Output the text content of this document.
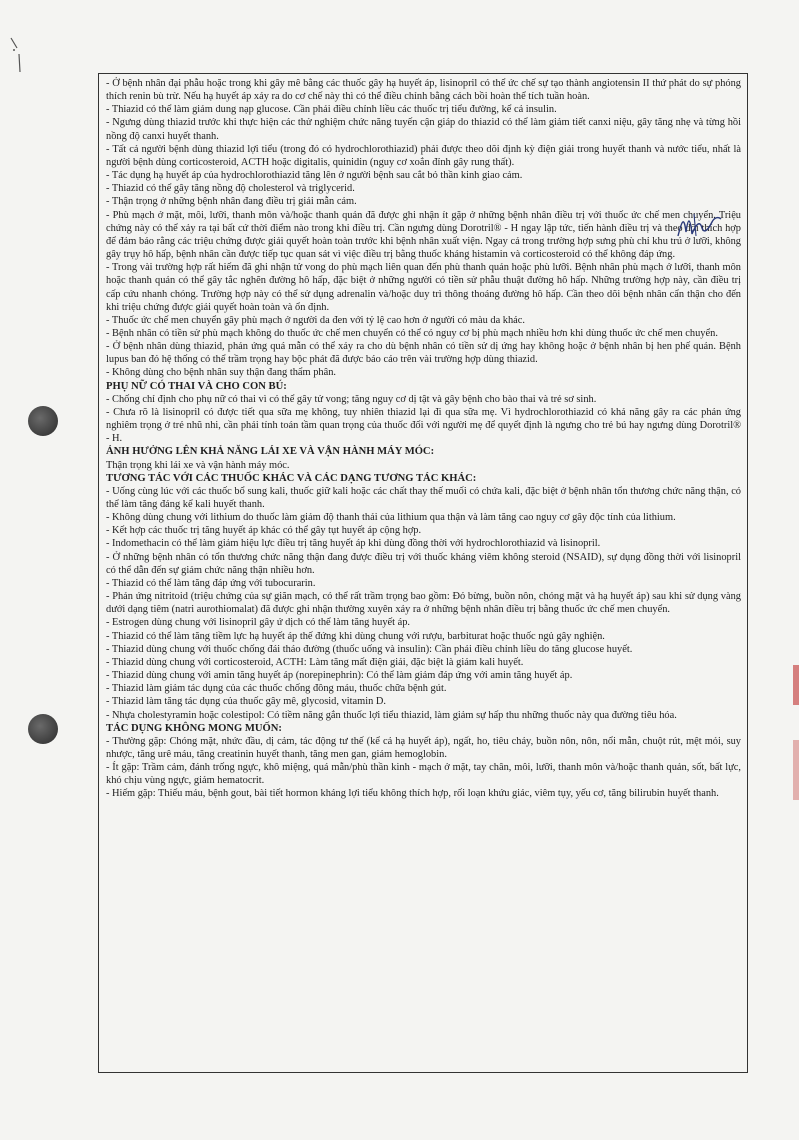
- Ở bệnh nhân đại phẫu hoặc trong khi gây mê bằng các thuốc gây hạ huyết áp, lisinopril có thể ức chế sự tạo thành angiotensin II thứ phát do sự phóng thích renin bù trừ. Nếu hạ huyết áp xảy ra do cơ chế này thì có thể điều chỉnh bằng cách bồi hoàn thể tích tuần hoàn.

- Thiazid có thể làm giảm dung nạp glucose. Cần phải điều chỉnh liều các thuốc trị tiểu đường, kể cả insulin.

- Ngưng dùng thiazid trước khi thực hiện các thử nghiệm chức năng tuyến cận giáp do thiazid có thể làm giảm tiết canxi niệu, gây tăng nhẹ và từng hồi nồng độ canxi huyết thanh.

- Tất cả người bệnh dùng thiazid lợi tiểu (trong đó có hydrochlorothiazid) phải được theo dõi định kỳ điện giải trong huyết thanh và nước tiểu, nhất là người bệnh dùng corticosteroid, ACTH hoặc digitalis, quinidin (nguy cơ xoắn đỉnh gây rung thất).

- Tác dụng hạ huyết áp của hydrochlorothiazid tăng lên ở người bệnh sau cắt bỏ thần kinh giao cảm.

- Thiazid có thể gây tăng nồng độ cholesterol và triglycerid.

- Thận trọng ở những bệnh nhân đang điều trị giải mẫn cảm.

- Phù mạch ở mặt, môi, lưỡi, thanh môn và/hoặc thanh quản đã được ghi nhận ít gặp ở những bệnh nhân điều trị với thuốc ức chế men chuyển. Triệu chứng này có thể xảy ra tại bất cứ thời điểm nào trong khi điều trị. Cần ngưng dùng Dorotril® - H ngay lập tức, tiến hành điều trị và theo dõi thích hợp để đảm bảo rằng các triệu chứng được giải quyết hoàn toàn trước khi bệnh nhân xuất viện. Ngay cả trong trường hợp sưng phù chỉ khu trú ở lưỡi, không gây trụy hô hấp, bệnh nhân cần được tiếp tục quan sát vì việc điều trị bằng thuốc kháng histamin và corticosteroid có thể không đáp ứng.

- Trong vài trường hợp rất hiếm đã ghi nhận tử vong do phù mạch liên quan đến phù thanh quản hoặc phù lưỡi. Bệnh nhân phù mạch ở lưỡi, thanh môn hoặc thanh quản có thể gây tắc nghẽn đường hô hấp, đặc biệt ở những người có tiền sử phẫu thuật đường hô hấp. Những trường hợp này, cần điều trị cấp cứu nhanh chóng. Trường hợp này có thể sử dụng adrenalin và/hoặc duy trì thông thoáng đường hô hấp. Cần theo dõi bệnh nhân cẩn thận cho đến khi triệu chứng được giải quyết hoàn toàn và ổn định.

- Thuốc ức chế men chuyển gây phù mạch ở người da đen với tỷ lệ cao hơn ở người có màu da khác.

- Bệnh nhân có tiền sử phù mạch không do thuốc ức chế men chuyển có thể có nguy cơ bị phù mạch nhiều hơn khi dùng thuốc ức chế men chuyển.

- Ở bệnh nhân dùng thiazid, phản ứng quá mẫn có thể xảy ra cho dù bệnh nhân có tiền sử dị ứng hay không hoặc ở bệnh nhân bị hen phế quản. Bệnh lupus ban đỏ hệ thống có thể trầm trọng hay bộc phát đã được báo cáo trên vài trường hợp dùng thiazid.

- Không dùng cho bệnh nhân suy thận đang thẩm phân.

PHỤ NỮ CÓ THAI VÀ CHO CON BÚ:

- Chống chỉ định cho phụ nữ có thai vì có thể gây tử vong; tăng nguy cơ dị tật và gây bệnh cho bào thai và trẻ sơ sinh.

- Chưa rõ là lisinopril có được tiết qua sữa mẹ không, tuy nhiên thiazid lại đi qua sữa mẹ. Vì hydrochlorothiazid có khả năng gây ra các phản ứng nghiêm trọng ở trẻ nhũ nhi, cần phải tính toán tầm quan trọng của thuốc đối với người mẹ để quyết định là ngưng cho trẻ bú hay ngưng dùng Dorotril® - H.

ẢNH HƯỞNG LÊN KHẢ NĂNG LÁI XE VÀ VẬN HÀNH MÁY MÓC:

Thận trọng khi lái xe và vận hành máy móc.

TƯƠNG TÁC VỚI CÁC THUỐC KHÁC VÀ CÁC DẠNG TƯƠNG TÁC KHÁC:

- Uống cùng lúc với các thuốc bổ sung kali, thuốc giữ kali hoặc các chất thay thế muối có chứa kali, đặc biệt ở bệnh nhân tổn thương chức năng thận, có thể làm tăng đáng kể kali huyết thanh.

- Không dùng chung với lithium do thuốc làm giảm độ thanh thải của lithium qua thận và làm tăng cao nguy cơ gây độc tính của lithium.

- Kết hợp các thuốc trị tăng huyết áp khác có thể gây tụt huyết áp cộng hợp.

- Indomethacin có thể làm giảm hiệu lực điều trị tăng huyết áp khi dùng đồng thời với hydrochlorothiazid và lisinopril.

- Ở những bệnh nhân có tổn thương chức năng thận đang được điều trị với thuốc kháng viêm không steroid (NSAID), sự dụng đồng thời với lisinopril có thể dẫn đến sự giảm chức năng thận nhiều hơn.

- Thiazid có thể làm tăng đáp ứng với tubocurarin.

- Phản ứng nitritoid (triệu chứng của sự giãn mạch, có thể rất trầm trọng bao gồm: Đỏ bừng, buồn nôn, chóng mặt và hạ huyết áp) sau khi sử dụng vàng dưới dạng tiêm (natri aurothiomalat) đã được ghi nhận thường xuyên xảy ra ở những bệnh nhân điều trị bằng thuốc ức chế men chuyển.

- Estrogen dùng chung với lisinopril gây ứ dịch có thể làm tăng huyết áp.

- Thiazid có thể làm tăng tiềm lực hạ huyết áp thế đứng khi dùng chung với rượu, barbiturat hoặc thuốc ngủ gây nghiện.

- Thiazid dùng chung với thuốc chống đái tháo đường (thuốc uống và insulin): Cần phải điều chỉnh liều do tăng glucose huyết.

- Thiazid dùng chung với corticosteroid, ACTH: Làm tăng mất điện giải, đặc biệt là giảm kali huyết.

- Thiazid dùng chung với amin tăng huyết áp (norepinephrin): Có thể làm giảm đáp ứng với amin tăng huyết áp.

- Thiazid làm giảm tác dụng của các thuốc chống đông máu, thuốc chữa bệnh gút.

- Thiazid làm tăng tác dụng của thuốc gây mê, glycosid, vitamin D.

- Nhựa cholestyramin hoặc colestipol: Có tiềm năng gắn thuốc lợi tiểu thiazid, làm giảm sự hấp thu những thuốc này qua đường tiêu hóa.

TÁC DỤNG KHÔNG MONG MUỐN:

- Thường gặp: Chóng mặt, nhức đầu, dị cảm, tác động tư thế (kể cả hạ huyết áp), ngất, ho, tiêu chảy, buồn nôn, nôn, nổi mẫn, chuột rút, mệt mỏi, suy nhược, tăng urê máu, tăng creatinin huyết thanh, tăng men gan, giảm hemoglobin.

- Ít gặp: Trầm cảm, đánh trống ngực, khô miệng, quá mẫn/phù thần kinh - mạch ở mặt, tay chân, môi, lưỡi, thanh môn và/hoặc thanh quản, sốt, bất lực, khó chịu vùng ngực, giảm hematocrit.

- Hiếm gặp: Thiếu máu, bệnh gout, bài tiết hormon kháng lợi tiểu không thích hợp, rối loạn khứu giác, viêm tụy, yếu cơ, tăng bilirubin huyết thanh.
